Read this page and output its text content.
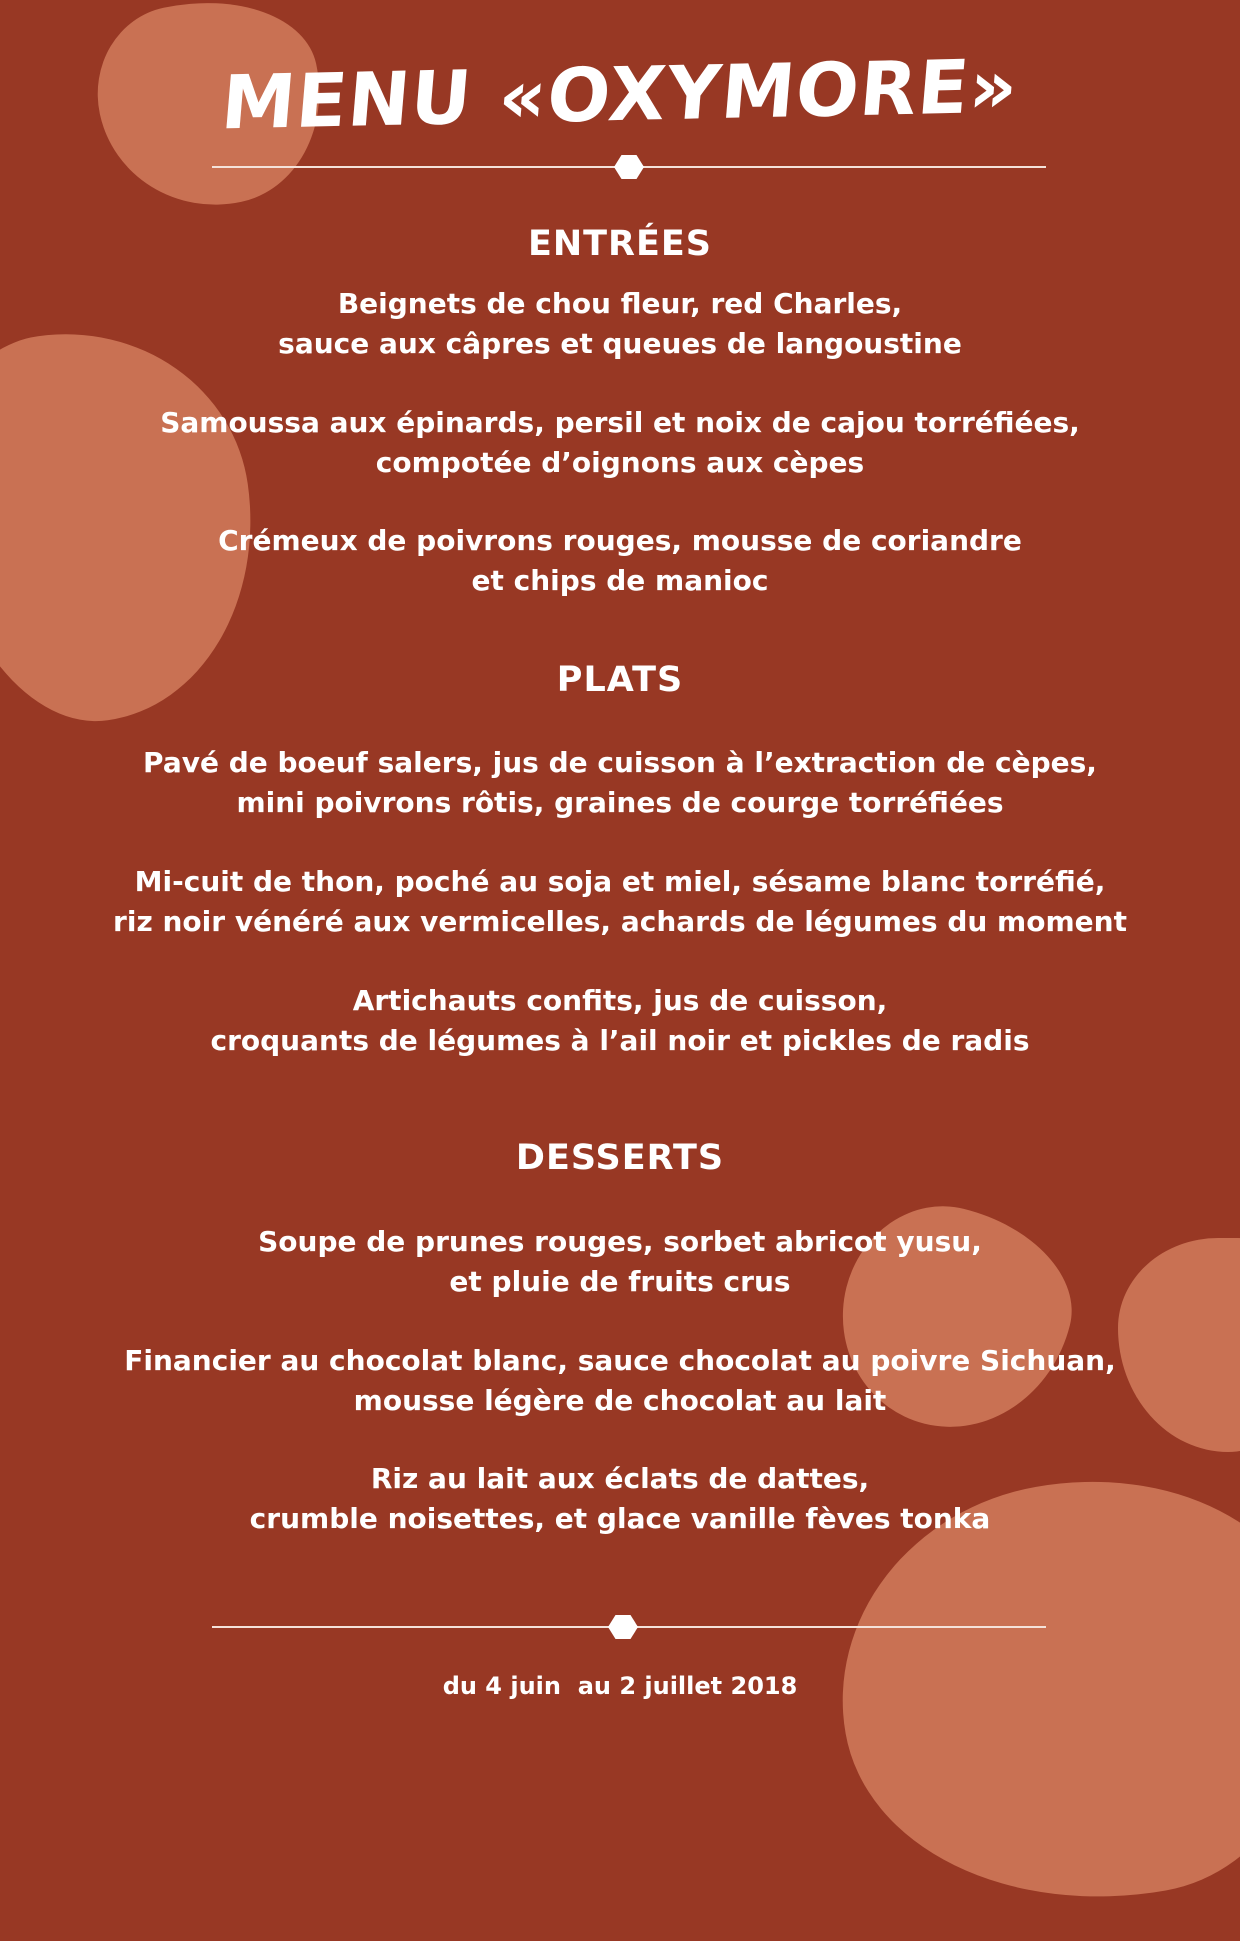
MENU «OXYMORE»
ENTRÉES
Beignets de chou fleur, red Charles,
sauce aux câpres et queues de langoustine
Samoussa aux épinards, persil et noix de cajou torréfiées,
compotée d’oignons aux cèpes
Crémeux de poivrons rouges, mousse de coriandre
et chips de manioc
PLATS
Pavé de boeuf salers, jus de cuisson à l’extraction de cèpes,
mini poivrons rôtis, graines de courge torréfiées
Mi-cuit de thon, poché au soja et miel, sésame blanc torréfié,
riz noir vénéré aux vermicelles, achards de légumes du moment
Artichauts confits, jus de cuisson,
croquants de légumes à l’ail noir et pickles de radis
DESSERTS
Soupe de prunes rouges, sorbet abricot yusu,
et pluie de fruits crus
Financier au chocolat blanc, sauce chocolat au poivre Sichuan,
mousse légère de chocolat au lait
Riz au lait aux éclats de dattes,
crumble noisettes, et glace vanille fèves tonka
du 4 juin  au 2 juillet 2018
